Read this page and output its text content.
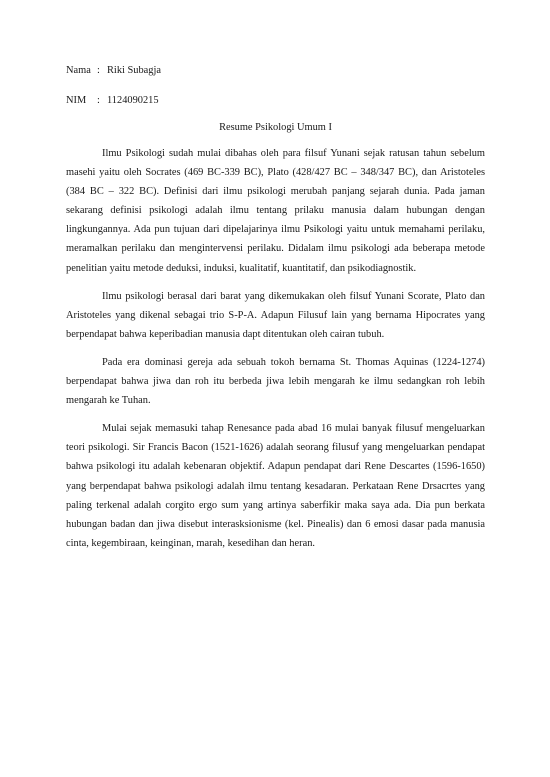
Nama : Riki Subagja
NIM	: 1124090215
Resume Psikologi Umum I

Ilmu Psikologi sudah mulai dibahas oleh para filsuf Yunani sejak ratusan tahun sebelum masehi yaitu oleh Socrates (469 BC-339 BC), Plato (428/427 BC – 348/347 BC), dan Aristoteles (384 BC – 322 BC). Definisi dari ilmu psikologi merubah panjang sejarah dunia. Pada jaman sekarang definisi psikologi adalah ilmu tentang prilaku manusia dalam hubungan dengan lingkungannya. Ada pun tujuan dari dipelajarinya ilmu Psikologi yaitu untuk memahami perilaku, meramalkan perilaku dan mengintervensi perilaku. Didalam ilmu psikologi ada beberapa metode penelitian yaitu metode deduksi, induksi, kualitatif, kuantitatif, dan psikodiagnostik.

Ilmu psikologi berasal dari barat yang dikemukakan oleh filsuf Yunani Scorate, Plato dan Aristoteles yang dikenal sebagai trio S-P-A. Adapun Filusuf lain yang bernama Hipocrates yang berpendapat bahwa keperibadian manusia dapt ditentukan oleh cairan tubuh.

Pada era dominasi gereja ada sebuah tokoh bernama St. Thomas Aquinas (1224-1274) berpendapat bahwa jiwa dan roh itu berbeda jiwa lebih mengarah ke ilmu sedangkan roh lebih mengarah ke Tuhan.

Mulai sejak memasuki tahap Renesance pada abad 16 mulai banyak filusuf mengeluarkan teori psikologi. Sir Francis Bacon (1521-1626) adalah seorang filusuf yang mengeluarkan pendapat bahwa psikologi itu adalah kebenaran objektif. Adapun pendapat dari Rene Descartes (1596-1650) yang berpendapat bahwa psikologi adalah ilmu tentang kesadaran. Perkataan Rene Drsacrtes yang paling terkenal adalah corgito ergo sum yang artinya saberfikir maka saya ada. Dia pun berkata hubungan badan dan jiwa disebut interasksionisme (kel. Pinealis) dan 6 emosi dasar pada manusia cinta, kegembiraan, keinginan, marah, kesedihan dan heran.
